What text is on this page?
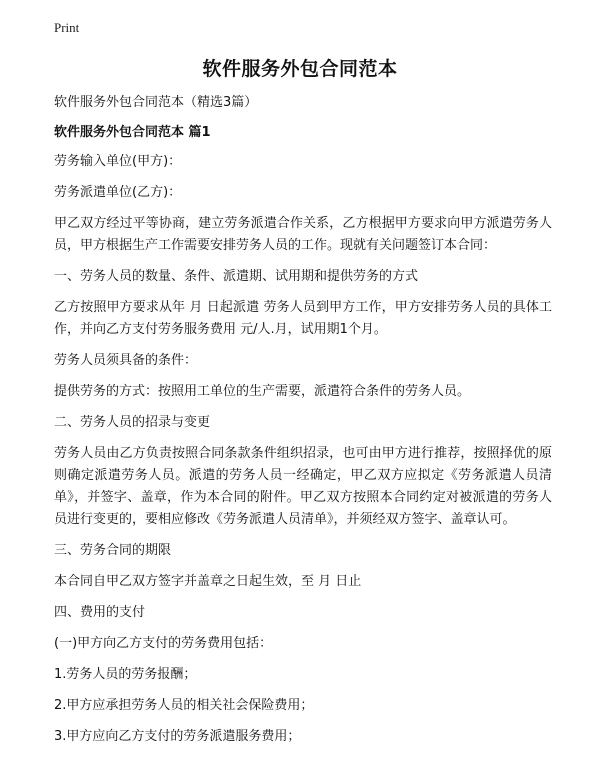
Print
软件服务外包合同范本

软件服务外包合同范本（精选3篇）

软件服务外包合同范本 篇1

劳务输入单位(甲方)：

劳务派遣单位(乙方)：

甲乙双方经过平等协商，建立劳务派遣合作关系，乙方根据甲方要求向甲方派遣劳务人员，甲方根据生产工作需要安排劳务人员的工作。现就有关问题签订本合同：

一、劳务人员的数量、条件、派遣期、试用期和提供劳务的方式

乙方按照甲方要求从年 月 日起派遣 劳务人员到甲方工作，甲方安排劳务人员的具体工作，并向乙方支付劳务服务费用 元/人.月，试用期1个月。

劳务人员须具备的条件：

提供劳务的方式：按照用工单位的生产需要，派遣符合条件的劳务人员。

二、劳务人员的招录与变更

劳务人员由乙方负责按照合同条款条件组织招录，也可由甲方进行推荐，按照择优的原则确定派遣劳务人员。派遣的劳务人员一经确定，甲乙双方应拟定《劳务派遣人员清单》，并签字、盖章，作为本合同的附件。甲乙双方按照本合同约定对被派遣的劳务人员进行变更的，要相应修改《劳务派遣人员清单》，并须经双方签字、盖章认可。

三、劳务合同的期限

本合同自甲乙双方签字并盖章之日起生效，至 月 日止

四、费用的支付

(一)甲方向乙方支付的劳务费用包括：

1.劳务人员的劳务报酬；

2.甲方应承担劳务人员的相关社会保险费用；

3.甲方应向乙方支付的劳务派遣服务费用；
